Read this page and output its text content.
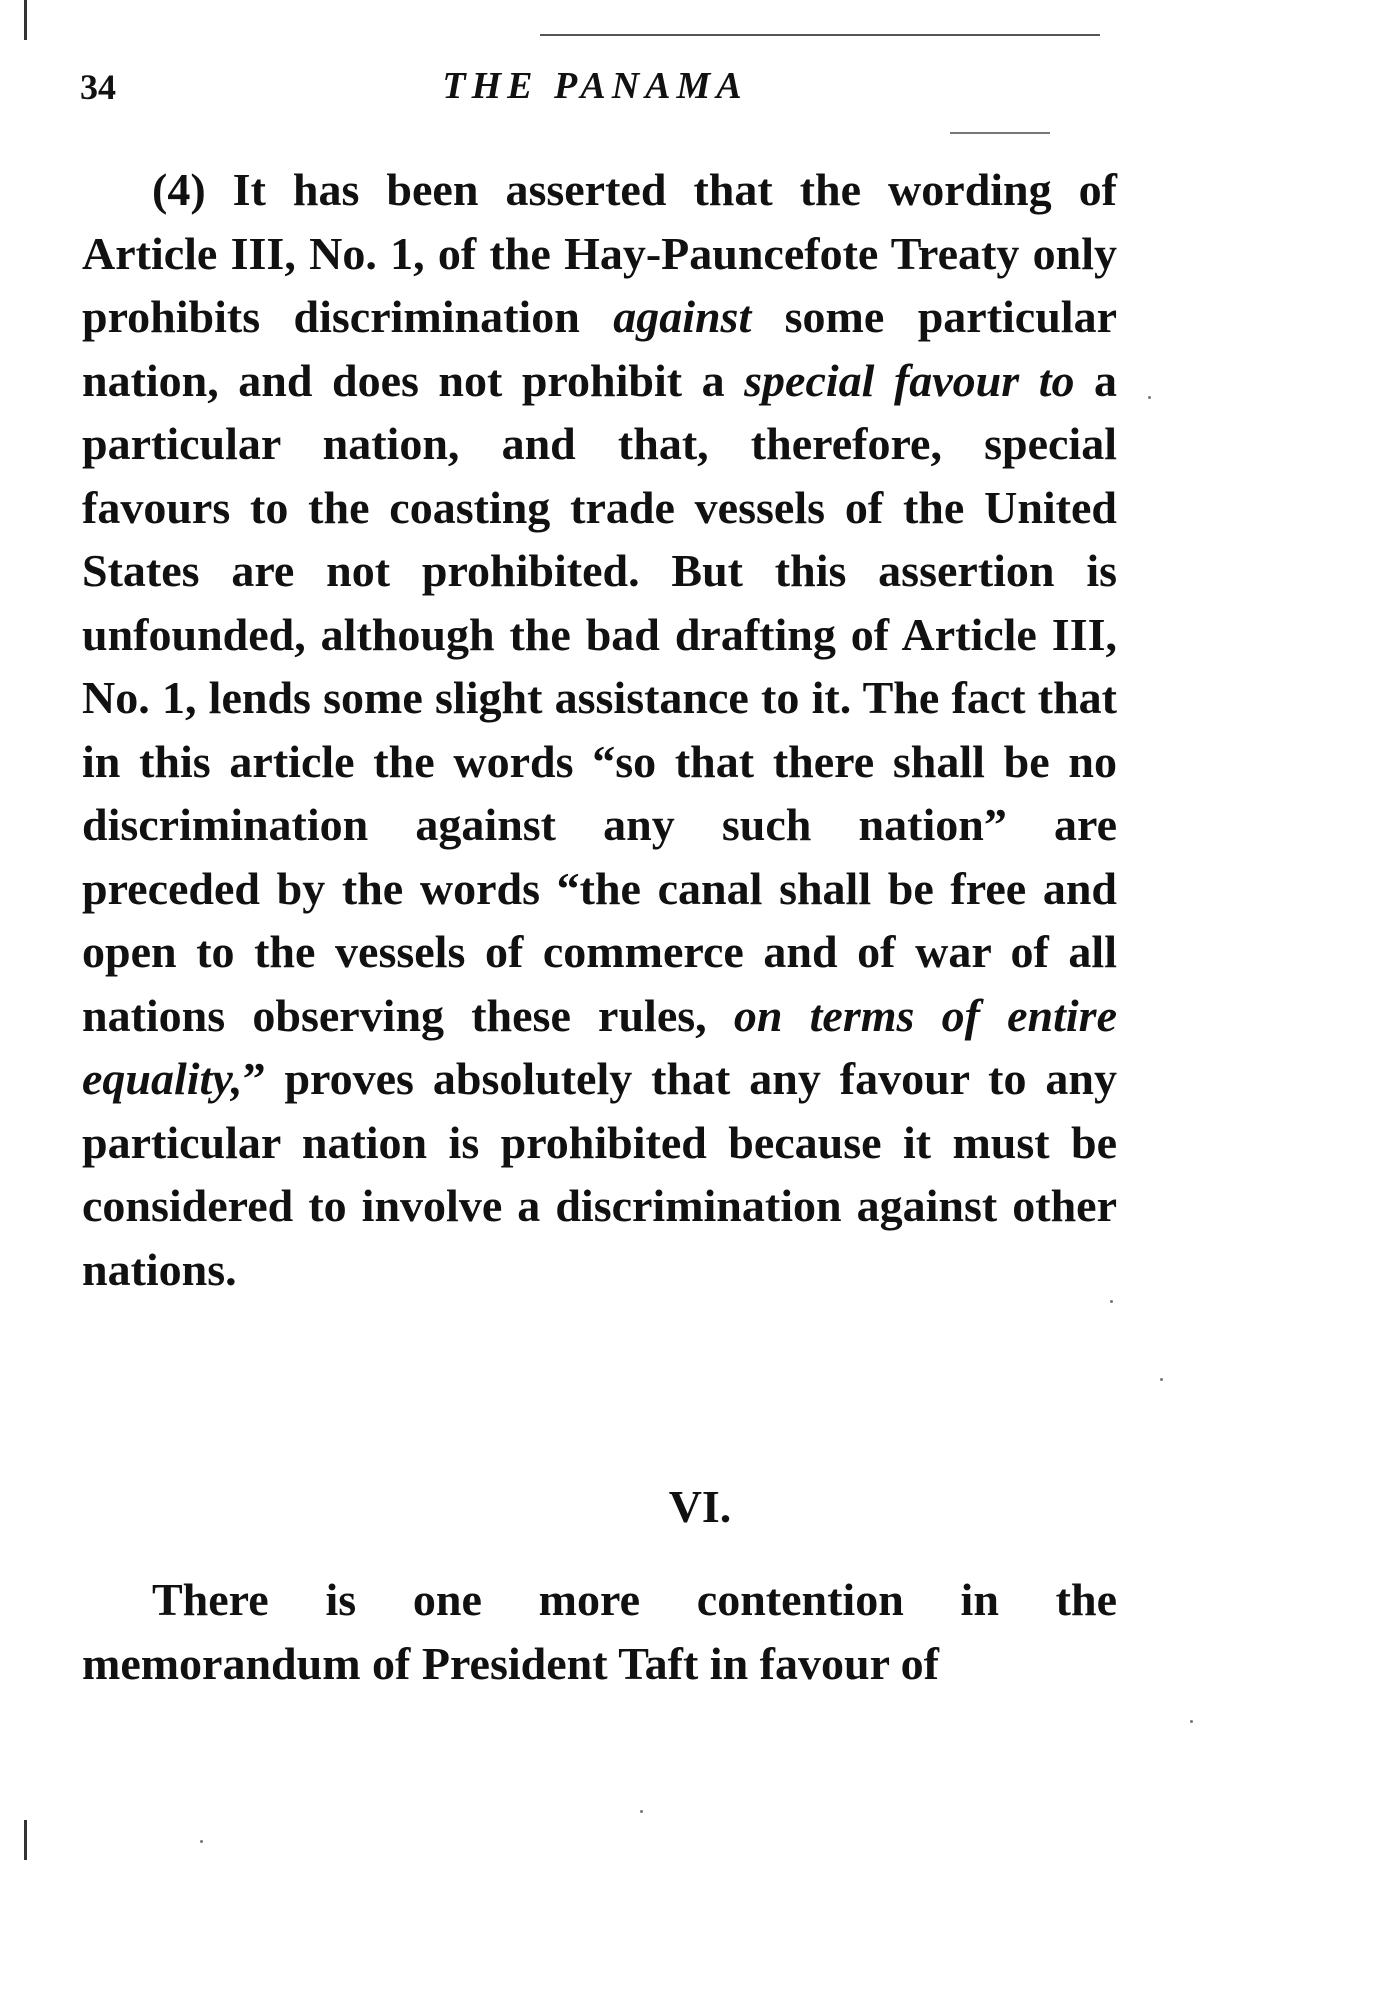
34	THE PANAMA

(4) It has been asserted that the wording of Article III, No. 1, of the Hay-Pauncefote Treaty only prohibits discrimination against some particular nation, and does not prohibit a special favour to a particular nation, and that, therefore, special favours to the coasting trade vessels of the United States are not prohibited. But this assertion is unfounded, although the bad drafting of Article III, No. 1, lends some slight assistance to it. The fact that in this article the words “so that there shall be no discrimination against any such nation” are preceded by the words “the canal shall be free and open to the vessels of commerce and of war of all nations observing these rules, on terms of entire equality,” proves absolutely that any favour to any particular nation is prohibited because it must be considered to involve a discrimination against other nations.

VI.

There is one more contention in the memorandum of President Taft in favour of
